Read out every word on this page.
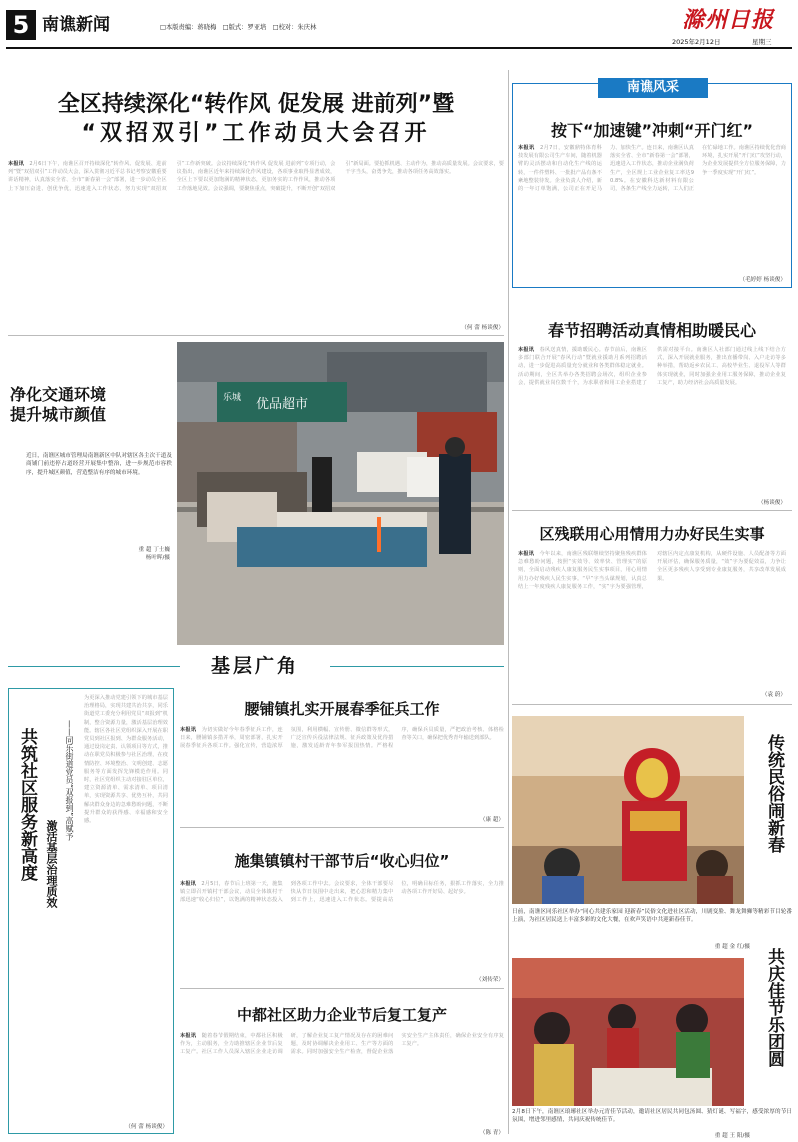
5 南谯新闻	□本版责编：蒋晓梅　□版式：罗亚培　□校对：朱庆林	滁州日报
2025年2月12日	星期三
全区持续深化“转作风 促发展 进前列”暨
“双招双引”工作动员大会召开
本报讯　 2月6日下午，南谯区召开持续深化“转作风、促发展、进前列”暨“双招双引”工作动员大会，深入贯彻习近平总书记考察安徽重要讲话精神，认真落实全省、全市“新春第一会”部署，进一步动员全区上下加压奋进、创优争优，迅速进入工作状态，努力实现“双招双引”工作新突破。会议持续深化“转作风 促发展 进前列”专项行动，会议指出，南谯区近年来持续深化作风建设，各项事业取得显著成效，全区上下要以更加饱满的精神状态，更加务实的工作作风，推动各项工作落地见效。会议强调，要聚焦重点，突破提升，不断开创“双招双引”新局面。要抢抓机遇、主动作为，推动高质量发展。会议要求，要干字当头，奋勇争先，推动各项任务高效落实。
（何 蕾 杨谈俊）
净化交通环境
提升城市颜值
近日，南谯区城市管理局南谯新区中队对辖区各主次干道及商铺门前违停占道经营开展集中整治，进一步规范市容秩序，提升城区颜值，营造整洁有序的城市环境。
重 超 丁士巍
杨叶晖/摄
优品超市
乐城
南谯风采
按下“加速键”冲刺“开门红”
本报讯　 2月7日，安徽鼎特体育科技发展有限公司生产车间，随着机器臂的灵活摆动和自动化生产线的运转，一件件塑料、一批批产品有条不紊地整装待发。企业负责人介绍，新的一年订单饱满，公司正在开足马力、加快生产。连日来，南谯区认真落实全省、全市“新春第一会”部署，迅速进入工作状态，推动企业满负荷生产，全区规上工业企业复工率达90.8%。在安徽科达新材料有限公司，各条生产线全力运转，工人们正在忙碌地工作。南谯区持续优化营商环境，扎实开展“开门红”攻坚行动，为企业发展提供全方位服务保障，力争一季度实现“开门红”。
（毛婷婷 杨谈俊）
春节招聘活动真情相助暖民心
本报讯　 春风送真情，援助暖民心。春节前后，南谯区多部门联合开展“春风行动”暨就业援助月系列招聘活动，进一步促进高质量充分就业和各类群体稳定就业。活动期间，全区共举办各类招聘会场次，组织企业参会，提供就业岗位数千个，为求职者和用工企业搭建了供需对接平台。南谯区人社部门通过线上线下结合方式，深入开展就业服务，推出直播带岗、入户走访等多种举措，帮助返乡农民工、高校毕业生、退役军人等群体实现就业，同时加强企业用工服务保障，推动企业复工复产，助力经济社会高质量发展。
（杨谈俊）
区残联用心用情用力办好民生实事
本报讯　 今年以来，南谯区残联继续坚持聚焦残疾群体急难愁盼问题，按照“实效导、效率快、管理实”的原则，全面启动残疾人康复服务民生实事项目，用心用情用力办好残疾人民生实事。“早”字当头谋规划，认真总结上一年度残疾人康复服务工作，“实”字为要强管理，对辖区内定点康复机构，从硬件设施、人员配备等方面开展评估，确保服务质量，“效”字为要促效益，力争让全区更多残疾人享受到专业康复服务，共享改革发展成果。
（袁 蔚）
基层广角
共筑社区服务新高度 激活基层治理质效
——同乐街道党员“双报到”高赋予
为更深入推动党建引领下的城市基层治理格局，实现共建共治共享，同乐街道党工委充分利用党员“双报到”机制，整合资源力量，激活基层治理效能。辖区各社区党组织深入开展在职党员到社区报到、为群众服务活动，通过设岗定责、认领项目等方式，推动在职党员积极参与社区治理，在疫情防控、环境整治、文明创建、志愿服务等方面发挥先锋模范作用。同时，社区党组织主动对接驻区单位，建立资源清单、需求清单、项目清单，实现资源共享、优势互补，共同解决群众身边的急难愁盼问题，不断提升群众的获得感、幸福感和安全感。
（何 蕾 杨谈俊）
腰铺镇扎实开展春季征兵工作
本报讯　 为切实做好今年春季征兵工作，连日来，腰铺镇多措并举，周密部署，扎实开展春季征兵各项工作。强化宣传，营造浓厚氛围，利用横幅、宣传册、微信群等形式，广泛宣传兵役法律法规、征兵政策及优待措施，激发适龄青年参军报国热情。严格程序，确保兵员质量，严把政治考核、体格检查等关口，确保把优秀青年输送到部队。
（康 超）
施集镇镇村干部节后“收心归位”
本报讯　 2月5日，春节后上班第一天，施集镇立即召开镇村干部会议，动员全体镇村干部迅速“收心归位”，以饱满的精神状态投入到各项工作中去。会议要求，全体干部要尽快从节日氛围中走出来，把心思和精力集中到工作上，迅速进入工作状态。要提高站位，明确目标任务，狠抓工作落实，全力推动各项工作开好局、起好步。
（刘传荣）
中都社区助力企业节后复工复产
本报讯　 随着春节假期结束，中都社区积极作为，主动服务，全力助推辖区企业节后复工复产。社区工作人员深入辖区企业走访调研，了解企业复工复产情况及存在的困难问题，及时协调解决企业用工、生产等方面的需求。同时加强安全生产检查，督促企业落实安全生产主体责任，确保企业安全有序复工复产。
（陈 青）
传统民俗闹新春
日前，南谯区同乐社区举办“同心共建乐家园 迎新春”民俗文化进社区活动，川剧变脸、舞龙舞狮等精彩节目轮番上演，为社区居民送上丰富多彩的文化大餐，在欢声笑语中共迎新春佳节。
重 超 金 红/摄
共庆佳节乐团圆
2月8日下午，南谯区琅琊社区举办元宵佳节活动，邀请社区居民共同包汤圆、猜灯谜、写福字，感受浓厚的节日氛围，增进邻里感情，共同庆祝传统佳节。
重 超 王 阳/摄
